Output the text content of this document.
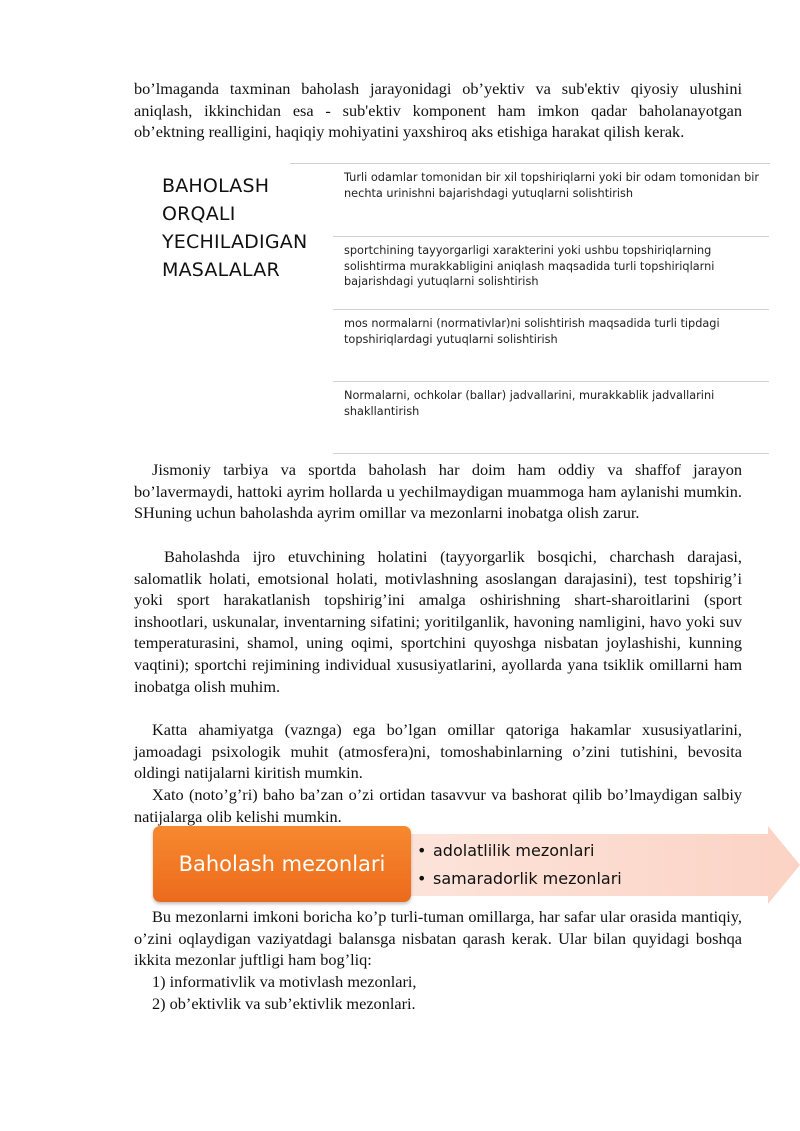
bo’lmaganda taxminan baholash jarayonidagi ob’yektiv va sub'ektiv qiyosiy ulushini aniqlash, ikkinchidan esa - sub'ektiv komponent ham imkon qadar baholanayotgan ob’ektning realligini, haqiqiy mohiyatini yaxshiroq aks etishiga harakat qilish kerak.

BAHOLASH ORQALI YECHILADIGAN MASALALAR
Turli odamlar tomonidan bir xil topshiriqlarni yoki bir odam tomonidan bir nechta urinishni bajarishdagi yutuqlarni solishtirish
sportchining tayyorgarligi xarakterini yoki ushbu topshiriqlarning solishtirma murakkabligini aniqlash maqsadida turli topshiriqlarni bajarishdagi yutuqlarni solishtirish
mos normalarni (normativlar)ni solishtirish maqsadida turli tipdagi topshiriqlardagi yutuqlarni solishtirish
Normalarni, ochkolar (ballar) jadvallarini, murakkablik jadvallarini shakllantirish

Jismoniy tarbiya va sportda baholash har doim ham oddiy va shaffof jarayon bo’lavermaydi, hattoki ayrim hollarda u yechilmaydigan muammoga ham aylanishi mumkin. SHuning uchun baholashda ayrim omillar va mezonlarni inobatga olish zarur.

Baholashda ijro etuvchining holatini (tayyorgarlik bosqichi, charchash darajasi, salomatlik holati, emotsional holati, motivlashning asoslangan darajasini), test topshirig’i yoki sport harakatlanish topshirig’ini amalga oshirishning shart-sharoitlarini (sport inshootlari, uskunalar, inventarning sifatini; yoritilganlik, havoning namligini, havo yoki suv temperaturasini, shamol, uning oqimi, sportchini quyoshga nisbatan joylashishi, kunning vaqtini); sportchi rejimining individual xususiyatlarini, ayollarda yana tsiklik omillarni ham inobatga olish muhim.

Katta ahamiyatga (vaznga) ega bo’lgan omillar qatoriga hakamlar xususiyatlarini, jamoadagi psixologik muhit (atmosfera)ni, tomoshabinlarning o’zini tutishini, bevosita oldingi natijalarni kiritish mumkin.

Xato (noto’g’ri) baho ba’zan o’zi ortidan tasavvur va bashorat qilib bo’lmaydigan salbiy natijalarga olib kelishi mumkin.

Baholash mezonlari
• adolatlilik mezonlari
• samaradorlik mezonlari

Bu mezonlarni imkoni boricha ko’p turli-tuman omillarga, har safar ular orasida mantiqiy, o’zini oqlaydigan vaziyatdagi balansga nisbatan qarash kerak. Ular bilan quyidagi boshqa ikkita mezonlar juftligi ham bog’liq:

1) informativlik va motivlash mezonlari,

2) ob’ektivlik va sub’ektivlik mezonlari.
